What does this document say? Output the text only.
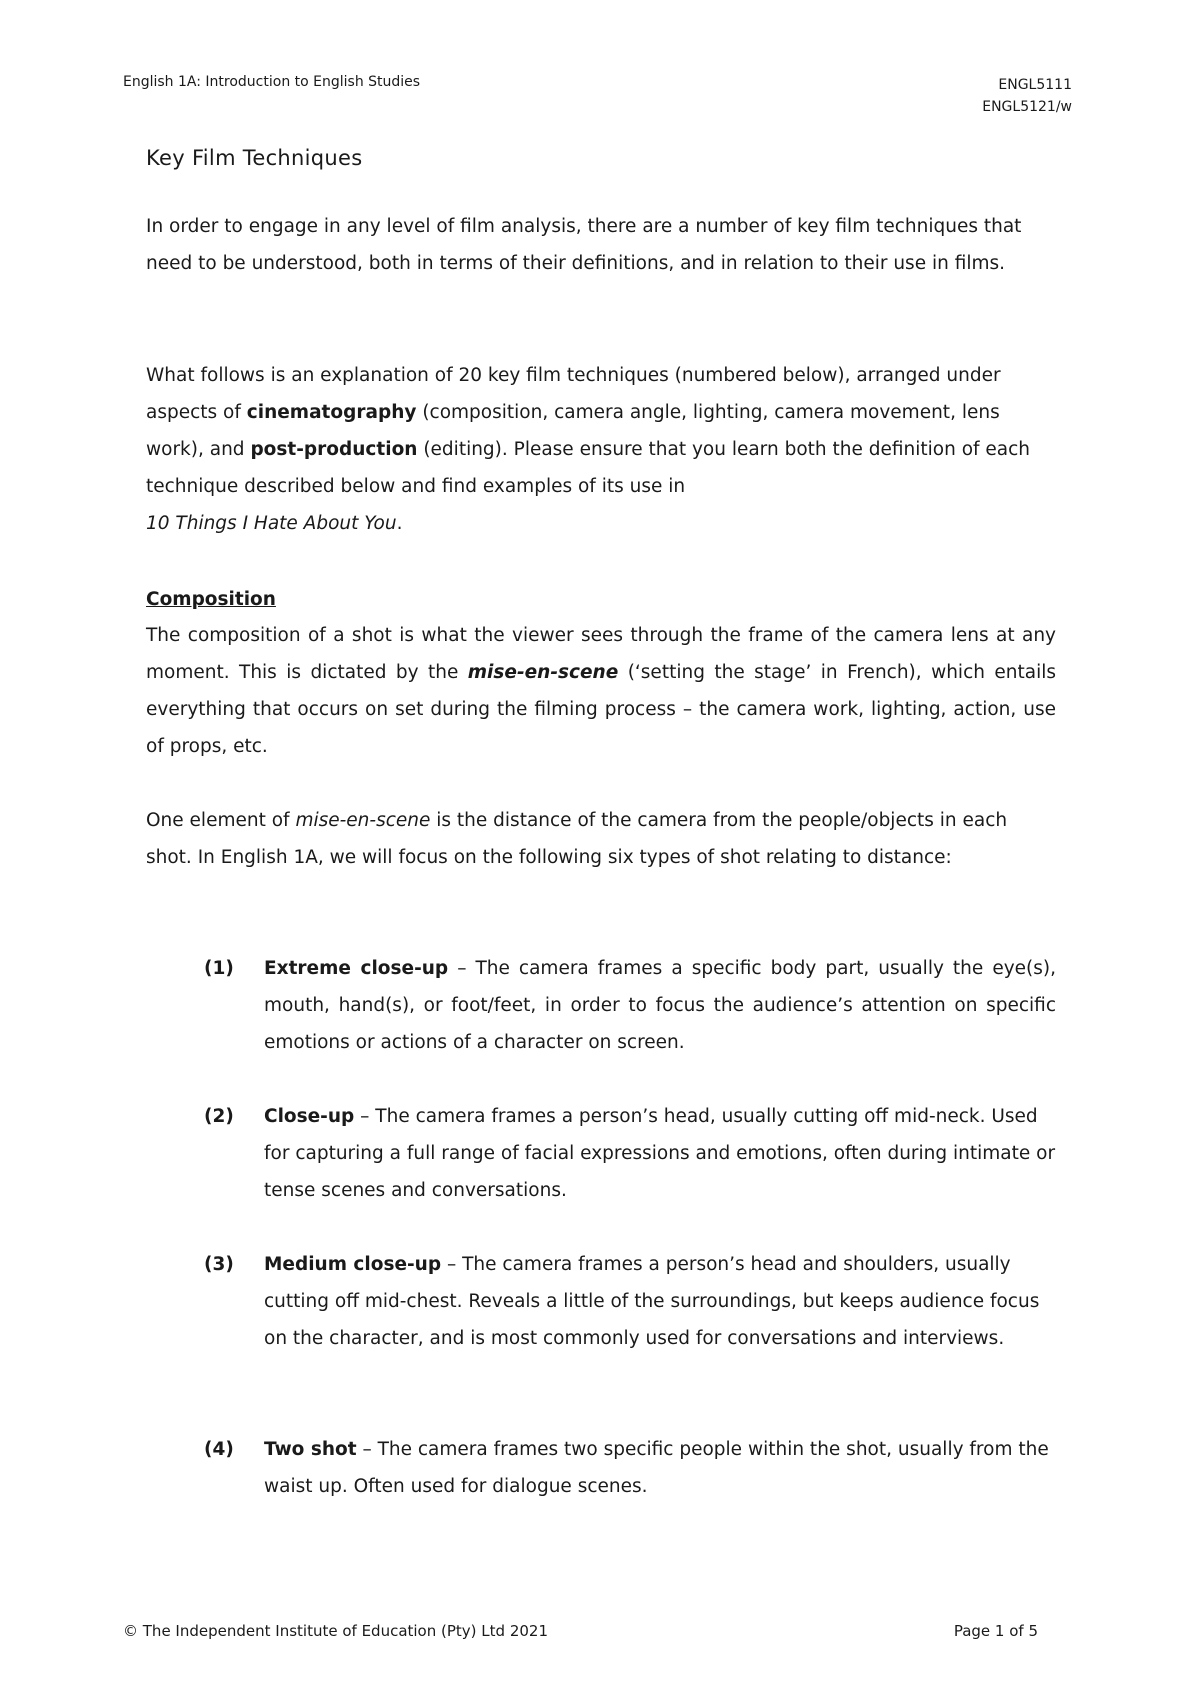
English 1A: Introduction to English Studies	ENGL5111
ENGL5121/w
Key Film Techniques

In order to engage in any level of film analysis, there are a number of key film techniques that need to be understood, both in terms of their definitions, and in relation to their use in films.

What follows is an explanation of 20 key film techniques (numbered below), arranged under aspects of cinematography (composition, camera angle, lighting, camera movement, lens work), and post-production (editing). Please ensure that you learn both the definition of each technique described below and find examples of its use in
10 Things I Hate About You.

Composition

The composition of a shot is what the viewer sees through the frame of the camera lens at any moment. This is dictated by the mise-en-scene (‘setting the stage’ in French), which entails everything that occurs on set during the filming process – the camera work, lighting, action, use of props, etc.

One element of mise-en-scene is the distance of the camera from the people/objects in each shot. In English 1A, we will focus on the following six types of shot relating to distance:

(1) Extreme close-up – The camera frames a specific body part, usually the eye(s), mouth, hand(s), or foot/feet, in order to focus the audience’s attention on specific emotions or actions of a character on screen.
(2) Close-up – The camera frames a person’s head, usually cutting off mid-neck. Used for capturing a full range of facial expressions and emotions, often during intimate or tense scenes and conversations.
(3) Medium close-up – The camera frames a person’s head and shoulders, usually cutting off mid-chest. Reveals a little of the surroundings, but keeps audience focus on the character, and is most commonly used for conversations and interviews.
(4) Two shot – The camera frames two specific people within the shot, usually from the waist up. Often used for dialogue scenes.
© The Independent Institute of Education (Pty) Ltd 2021	Page 1 of 5
